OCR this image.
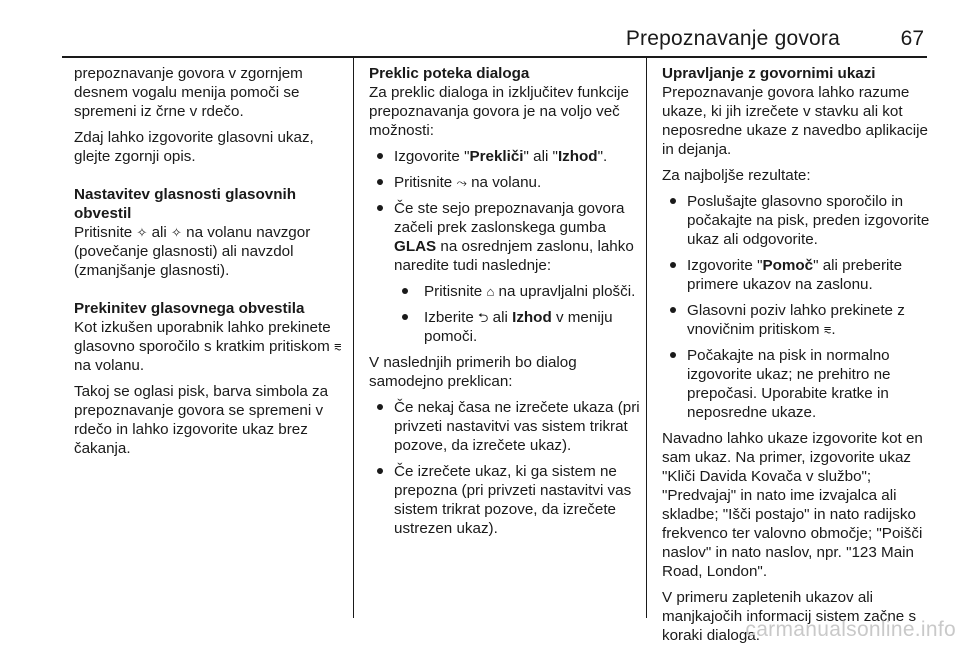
Prepoznavanje govora	67

prepoznavanje govora v zgornjem desnem vogalu menija pomoči se spremeni iz črne v rdečo.

Zdaj lahko izgovorite glasovni ukaz, glejte zgornji opis.

Nastavitev glasnosti glasovnih obvestil

Pritisnite ✧ ali ✧ na volanu navzgor (povečanje glasnosti) ali navzdol (zmanjšanje glasnosti).

Prekinitev glasovnega obvestila

Kot izkušen uporabnik lahko prekinete glasovno sporočilo s kratkim pritiskom ⩳ na volanu.

Takoj se oglasi pisk, barva simbola za prepoznavanje govora se spremeni v rdečo in lahko izgovorite ukaz brez čakanja.

Preklic poteka dialoga

Za preklic dialoga in izključitev funkcije prepoznavanja govora je na voljo več možnosti:

Izgovorite "Prekliči" ali "Izhod".
Pritisnite ⤳ na volanu.
Če ste sejo prepoznavanja govora začeli prek zaslonskega gumba GLAS na osrednjem zaslonu, lahko naredite tudi naslednje:
Pritisnite ⌂ na upravljalni plošči.
Izberite ⮌ ali Izhod v meniju pomoči.

V naslednjih primerih bo dialog samodejno preklican:

Če nekaj časa ne izrečete ukaza (pri privzeti nastavitvi vas sistem trikrat pozove, da izrečete ukaz).
Če izrečete ukaz, ki ga sistem ne prepozna (pri privzeti nastavitvi vas sistem trikrat pozove, da izrečete ustrezen ukaz).

Upravljanje z govornimi ukazi

Prepoznavanje govora lahko razume ukaze, ki jih izrečete v stavku ali kot neposredne ukaze z navedbo aplikacije in dejanja.

Za najboljše rezultate:

Poslušajte glasovno sporočilo in počakajte na pisk, preden izgovorite ukaz ali odgovorite.
Izgovorite "Pomoč" ali preberite primere ukazov na zaslonu.
Glasovni poziv lahko prekinete z vnovičnim pritiskom ⩳.
Počakajte na pisk in normalno izgovorite ukaz; ne prehitro ne prepočasi. Uporabite kratke in neposredne ukaze.

Navadno lahko ukaze izgovorite kot en sam ukaz. Na primer, izgovorite ukaz "Kliči Davida Kovača v službo"; "Predvajaj" in nato ime izvajalca ali skladbe; "Išči postajo" in nato radijsko frekvenco ter valovno območje; "Poišči naslov" in nato naslov, npr. "123 Main Road, London".

V primeru zapletenih ukazov ali manjkajočih informacij sistem začne s koraki dialoga.

carmanualsonline.info
